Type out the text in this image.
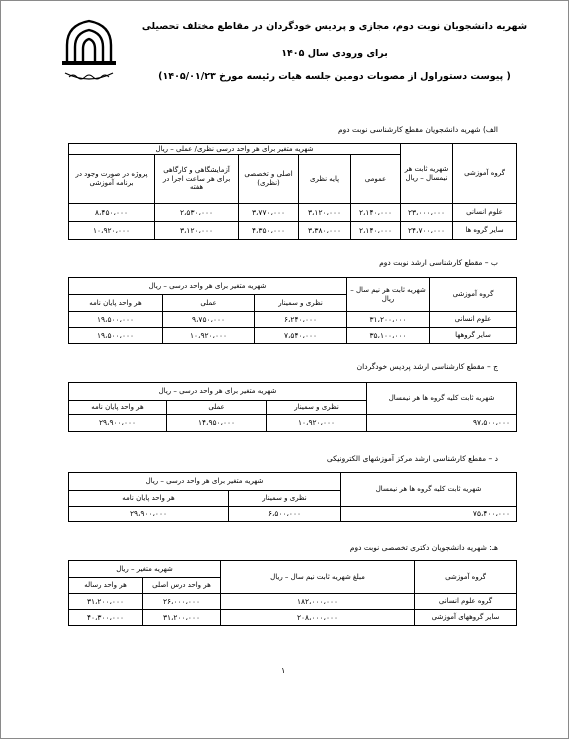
شهریه دانشجویان نوبت دوم، مجازی و پردیس خودگردان در مقاطع مختلف تحصیلی
برای ورودی سال ۱۴۰۵
( پیوست دستوراول از مصوبات دومین جلسه هیات رئیسه مورخ ۱۴۰۵/۰۱/۲۳)
الف) شهریه دانشجویان مقطع کارشناسی نوبت دوم
گروه آموزشی	شهریه ثابت هر نیمسال – ریال	شهریه متغیر برای هر واحد درسی نظری/ عملی – ریال				
		عمومی	پایه نظری	اصلی و تخصصی (نظری)	آزمایشگاهی و کارگاهی برای هر ساعت اجرا در هفته	پروژه در صورت وجود در برنامه آموزشی
علوم انسانی	۲۳،۰۰۰،۰۰۰	۲،۱۴۰،۰۰۰	۳،۱۲۰،۰۰۰	۳،۷۷۰،۰۰۰	۲،۵۳۰،۰۰۰	۸،۴۵۰،۰۰۰
سایر گروه ها	۲۴،۷۰۰،۰۰۰	۲،۱۴۰،۰۰۰	۳،۳۸۰،۰۰۰	۴،۳۵۰،۰۰۰	۳،۱۲۰،۰۰۰	۱۰،۹۲۰،۰۰۰
ب – مقطع کارشناسی ارشد نوبت دوم
گروه آموزشی	شهریه ثابت هر نیم سال – ریال	شهریه متغیر برای هر واحد درسی – ریال		
		نظری و سمینار	عملی	هر واحد پایان نامه
علوم انسانی	۳۱،۲۰۰،۰۰۰	۶،۲۴۰،۰۰۰	۹،۷۵۰،۰۰۰	۱۹،۵۰۰،۰۰۰
سایر گروهها	۳۵،۱۰۰،۰۰۰	۷،۵۴۰،۰۰۰	۱۰،۹۲۰،۰۰۰	۱۹،۵۰۰،۰۰۰
ج – مقطع کارشناسی ارشد پردیس خودگردان
شهریه ثابت کلیه گروه ها هر نیمسال	شهریه متغیر برای هر واحد درسی – ریال		
	نظری و سمینار	عملی	هر واحد پایان نامه
۹۷،۵۰۰،۰۰۰	۱۰،۹۲۰،۰۰۰	۱۴،۹۵۰،۰۰۰	۲۹،۹۰۰،۰۰۰
د – مقطع کارشناسی ارشد مرکز آموزشهای الکترونیکی
شهریه ثابت کلیه گروه ها هر نیمسال	شهریه متغیر برای هر واحد درسی – ریال	
	نظری و سمینار	هر واحد پایان نامه
۷۵،۴۰۰،۰۰۰	۶،۵۰۰،۰۰۰	۲۹،۹۰۰،۰۰۰
هـ: شهریه دانشجویان دکتری تخصصی نوبت دوم
گروه آموزشی	مبلغ شهریه ثابت نیم سال – ریال	شهریه متغیر – ریال	
		هر واحد درس اصلی	هر واحد رساله
گروه علوم انسانی	۱۸۲،۰۰۰،۰۰۰	۲۶،۰۰۰،۰۰۰	۳۱،۲۰۰،۰۰۰
سایر گروههای آموزشی	۲۰۸،۰۰۰،۰۰۰	۳۱،۲۰۰،۰۰۰	۴۰،۳۰۰،۰۰۰
۱
